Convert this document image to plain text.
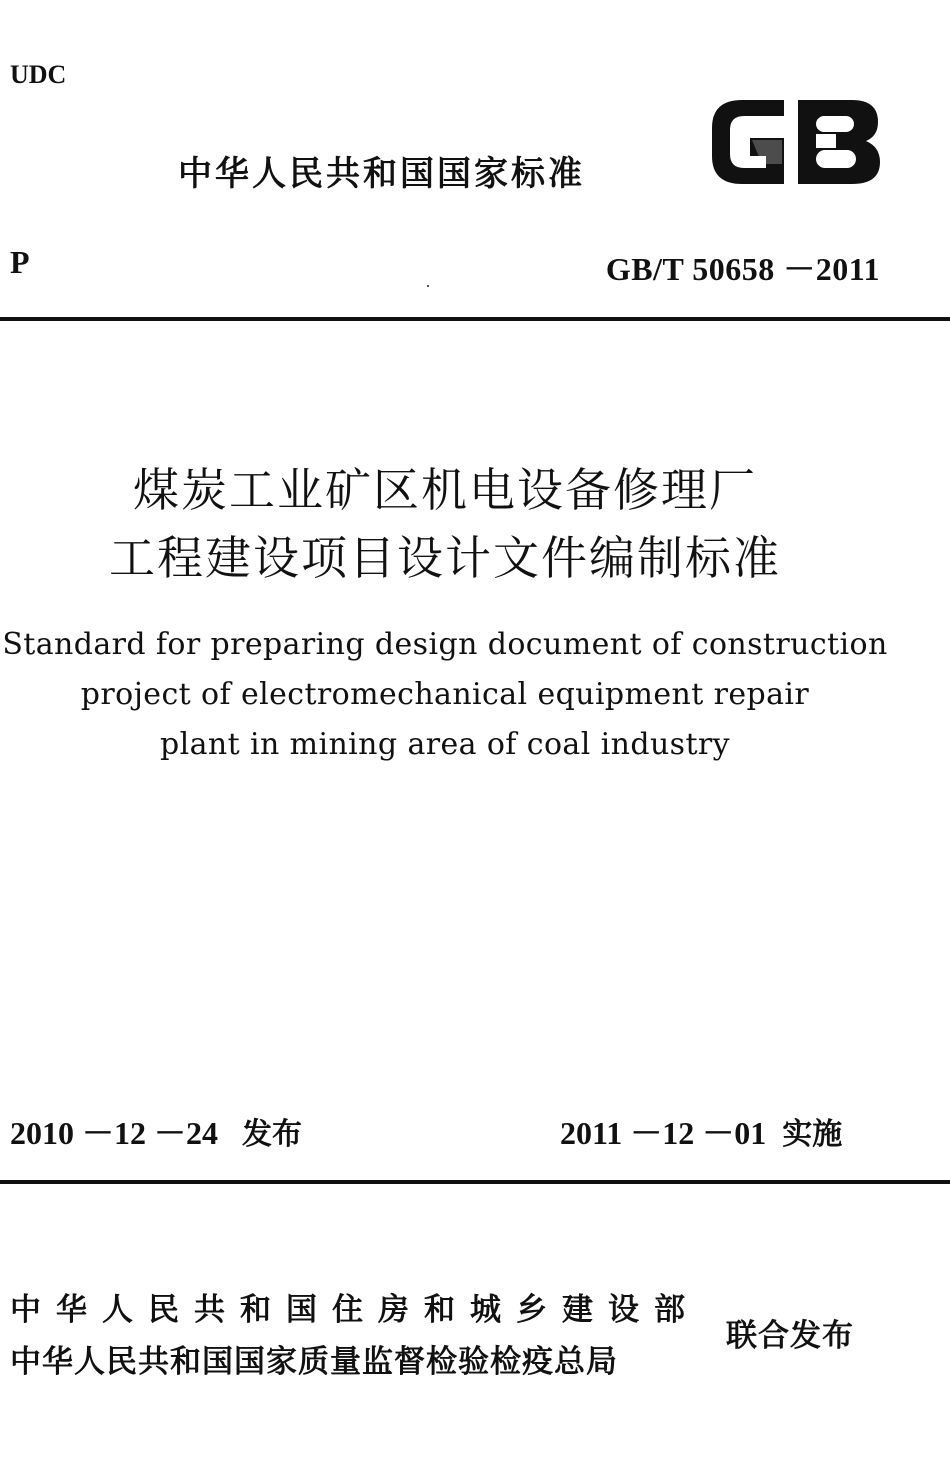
UDC
中华人民共和国国家标准
P	GB/T 50658 －2011
煤炭工业矿区机电设备修理厂
工程建设项目设计文件编制标准
Standard for preparing design document of construction
project of electromechanical equipment repair
plant in mining area of coal industry
2010 －12 －24 发布	2011 －12 －01 实施
中华人民共和国住房和城乡建设部
中华人民共和国国家质量监督检验检疫总局
联合发布
